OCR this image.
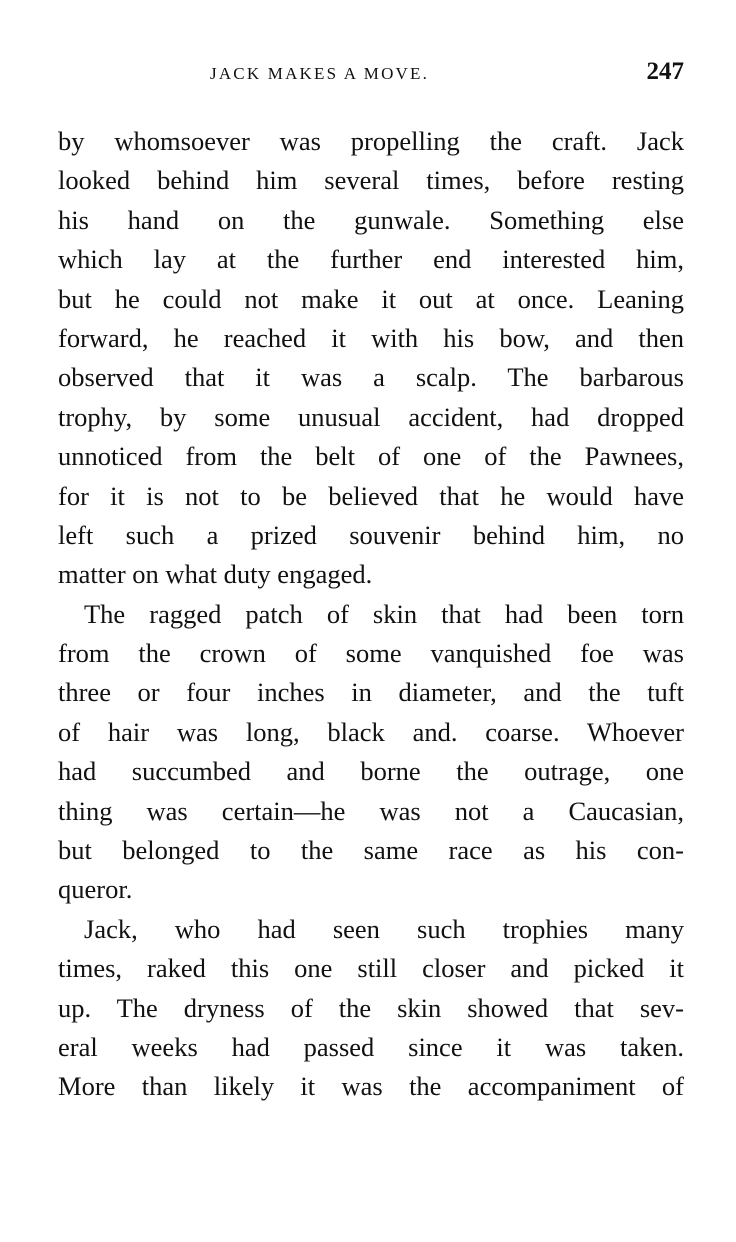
JACK MAKES A MOVE.	247

by whomsoever was propelling the craft. Jack
looked behind him several times, before resting
his hand on the gunwale. Something else
which lay at the further end interested him,
but he could not make it out at once. Leaning
forward, he reached it with his bow, and then
observed that it was a scalp. The barbarous
trophy, by some unusual accident, had dropped
unnoticed from the belt of one of the Pawnees,
for it is not to be believed that he would have
left such a prized souvenir behind him, no
matter on what duty engaged.

The ragged patch of skin that had been torn
from the crown of some vanquished foe was
three or four inches in diameter, and the tuft
of hair was long, black and. coarse. Whoever
had succumbed and borne the outrage, one
thing was certain—he was not a Caucasian,
but belonged to the same race as his con-
queror.

Jack, who had seen such trophies many
times, raked this one still closer and picked it
up. The dryness of the skin showed that sev-
eral weeks had passed since it was taken.
More than likely it was the accompaniment of
